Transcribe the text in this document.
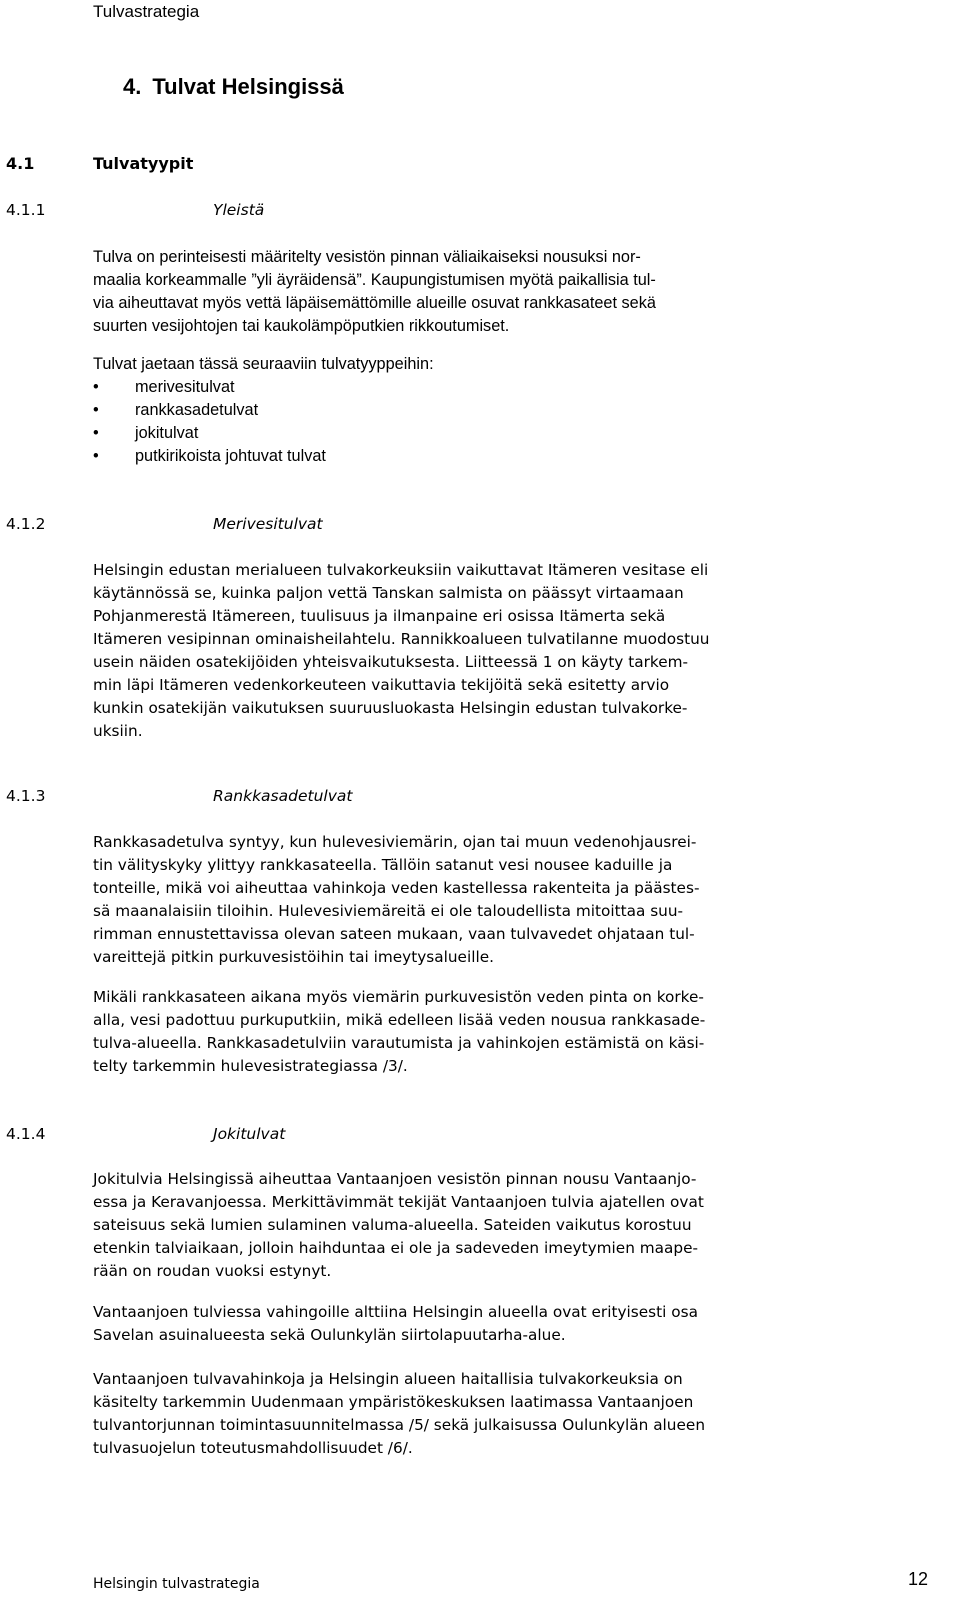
Tulvastrategia
4. Tulvat Helsingissä
4.1	Tulvatyypit
4.1.1	Yleistä
Tulva on perinteisesti määritelty vesistön pinnan väliaikaiseksi nousuksi nor-
maalia korkeammalle ”yli äyräidensä”. Kaupungistumisen myötä paikallisia tul-
via aiheuttavat myös vettä läpäisemättömille alueille osuvat rankkasateet sekä
suurten vesijohtojen tai kaukolämpöputkien rikkoutumiset.
Tulvat jaetaan tässä seuraaviin tulvatyyppeihin:
• merivesitulvat
• rankkasadetulvat
• jokitulvat
• putkirikoista johtuvat tulvat
4.1.2	Merivesitulvat
Helsingin edustan merialueen tulvakorkeuksiin vaikuttavat Itämeren vesitase eli
käytännössä se, kuinka paljon vettä Tanskan salmista on päässyt virtaamaan
Pohjanmerestä Itämereen, tuulisuus ja ilmanpaine eri osissa Itämerta sekä
Itämeren vesipinnan ominaisheilahtelu. Rannikkoalueen tulvatilanne muodostuu
usein näiden osatekijöiden yhteisvaikutuksesta. Liitteessä 1 on käyty tarkem-
min läpi Itämeren vedenkorkeuteen vaikuttavia tekijöitä sekä esitetty arvio
kunkin osatekijän vaikutuksen suuruusluokasta Helsingin edustan tulvakorke-
uksiin.
4.1.3	Rankkasadetulvat
Rankkasadetulva syntyy, kun hulevesiviemärin, ojan tai muun vedenohjausrei-
tin välityskyky ylittyy rankkasateella. Tällöin satanut vesi nousee kaduille ja
tonteille, mikä voi aiheuttaa vahinkoja veden kastellessa rakenteita ja päästes-
sä maanalaisiin tiloihin. Hulevesiviemäreitä ei ole taloudellista mitoittaa suu-
rimman ennustettavissa olevan sateen mukaan, vaan tulvavedet ohjataan tul-
vareittejä pitkin purkuvesistöihin tai imeytysalueille.
Mikäli rankkasateen aikana myös viemärin purkuvesistön veden pinta on korke-
alla, vesi padottuu purkuputkiin, mikä edelleen lisää veden nousua rankkasade-
tulva-alueella. Rankkasadetulviin varautumista ja vahinkojen estämistä on käsi-
telty tarkemmin hulevesistrategiassa /3/.
4.1.4	Jokitulvat
Jokitulvia Helsingissä aiheuttaa Vantaanjoen vesistön pinnan nousu Vantaanjo-
essa ja Keravanjoessa. Merkittävimmät tekijät Vantaanjoen tulvia ajatellen ovat
sateisuus sekä lumien sulaminen valuma-alueella. Sateiden vaikutus korostuu
etenkin talviaikaan, jolloin haihduntaa ei ole ja sadeveden imeytymien maape-
rään on roudan vuoksi estynyt.
Vantaanjoen tulviessa vahingoille alttiina Helsingin alueella ovat erityisesti osa
Savelan asuinalueesta sekä Oulunkylän siirtolapuutarha-alue.
Vantaanjoen tulvavahinkoja ja Helsingin alueen haitallisia tulvakorkeuksia on
käsitelty tarkemmin Uudenmaan ympäristökeskuksen laatimassa Vantaanjoen
tulvantorjunnan toimintasuunnitelmassa /5/ sekä julkaisussa Oulunkylän alueen
tulvasuojelun toteutusmahdollisuudet /6/.
Helsingin tulvastrategia	12
